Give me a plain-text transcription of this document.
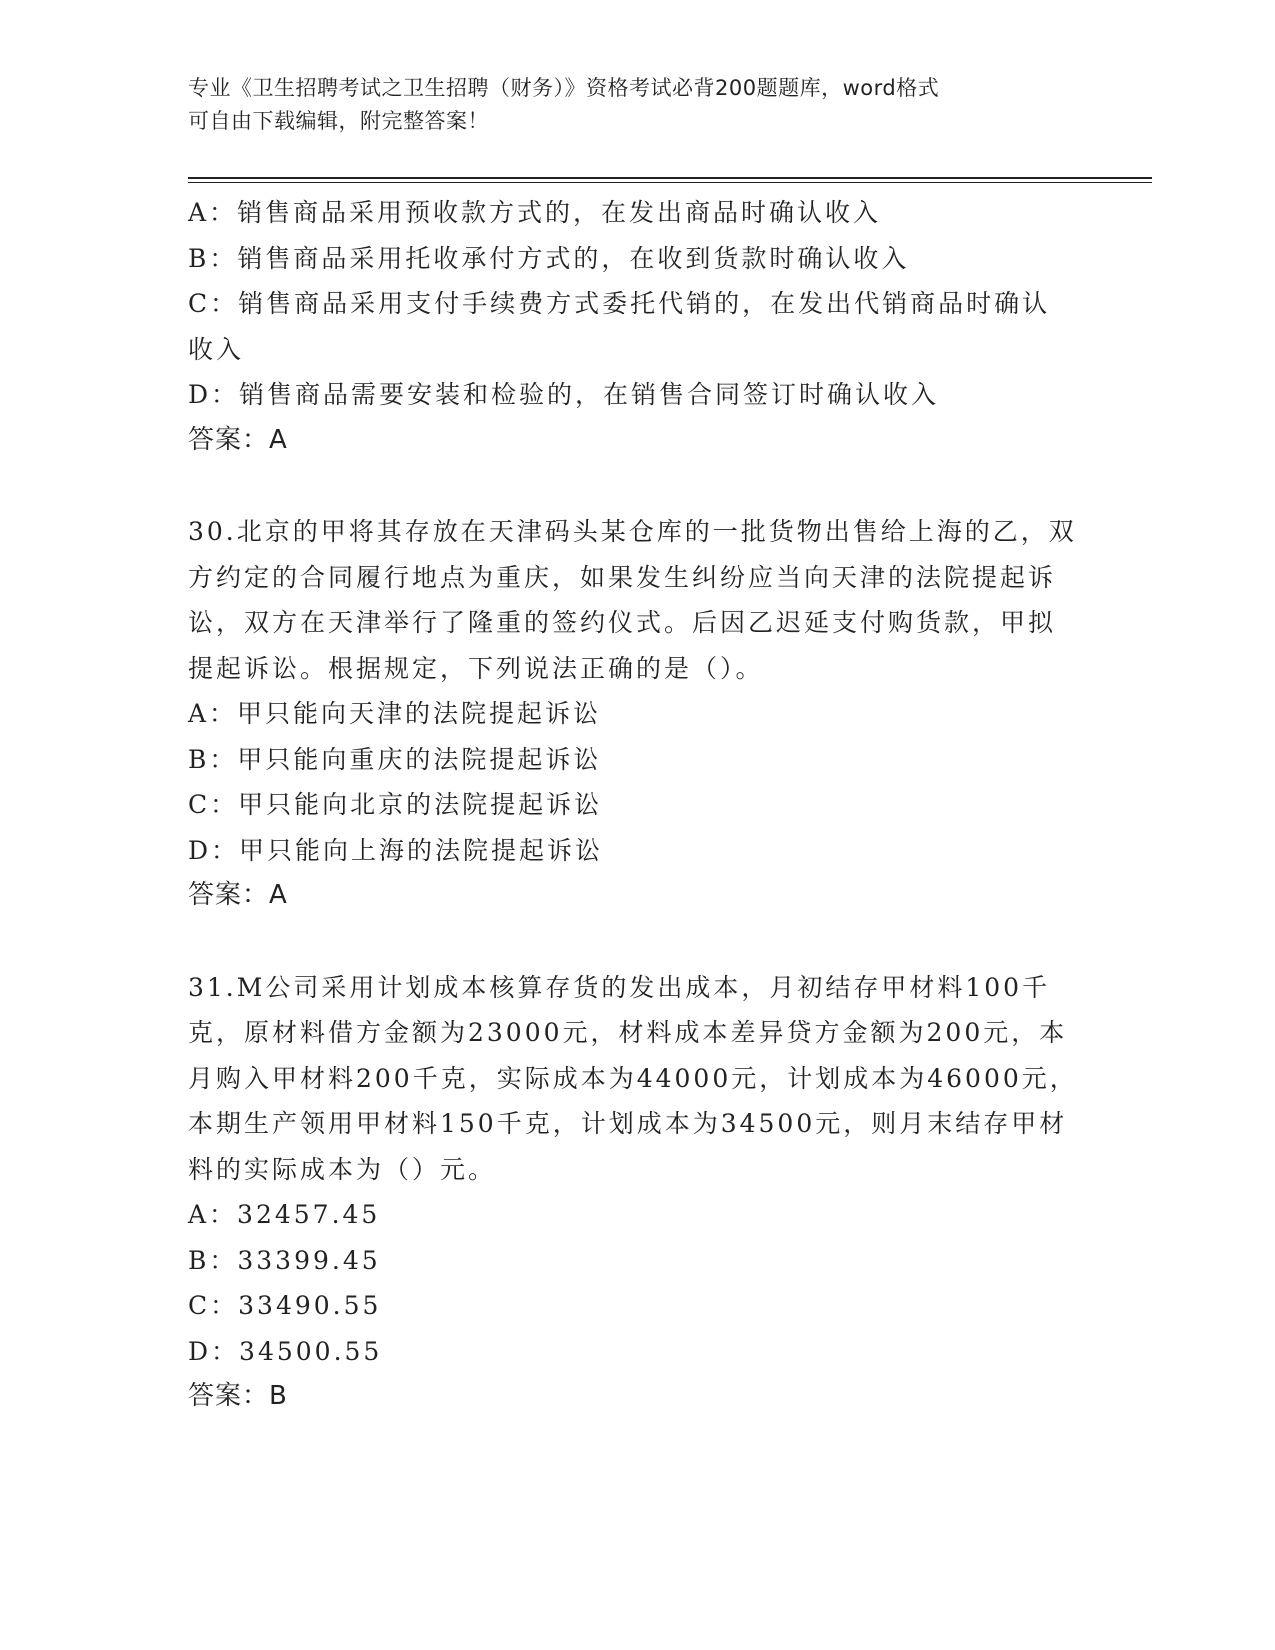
专业《卫生招聘考试之卫生招聘（财务）》资格考试必背200题题库，word格式
可自由下载编辑，附完整答案！
A：销售商品采用预收款方式的，在发出商品时确认收入
B：销售商品采用托收承付方式的，在收到货款时确认收入
C：销售商品采用支付手续费方式委托代销的，在发出代销商品时确认收入
D：销售商品需要安装和检验的，在销售合同签订时确认收入
答案：A
30.北京的甲将其存放在天津码头某仓库的一批货物出售给上海的乙，双方约定的合同履行地点为重庆，如果发生纠纷应当向天津的法院提起诉讼，双方在天津举行了隆重的签约仪式。后因乙迟延支付购货款，甲拟提起诉讼。根据规定，下列说法正确的是（）。
A：甲只能向天津的法院提起诉讼
B：甲只能向重庆的法院提起诉讼
C：甲只能向北京的法院提起诉讼
D：甲只能向上海的法院提起诉讼
答案：A
31.M公司采用计划成本核算存货的发出成本，月初结存甲材料100千克，原材料借方金额为23000元，材料成本差异贷方金额为200元，本月购入甲材料200千克，实际成本为44000元，计划成本为46000元，本期生产领用甲材料150千克，计划成本为34500元，则月末结存甲材料的实际成本为（）元。
A：32457.45
B：33399.45
C：33490.55
D：34500.55
答案：B
